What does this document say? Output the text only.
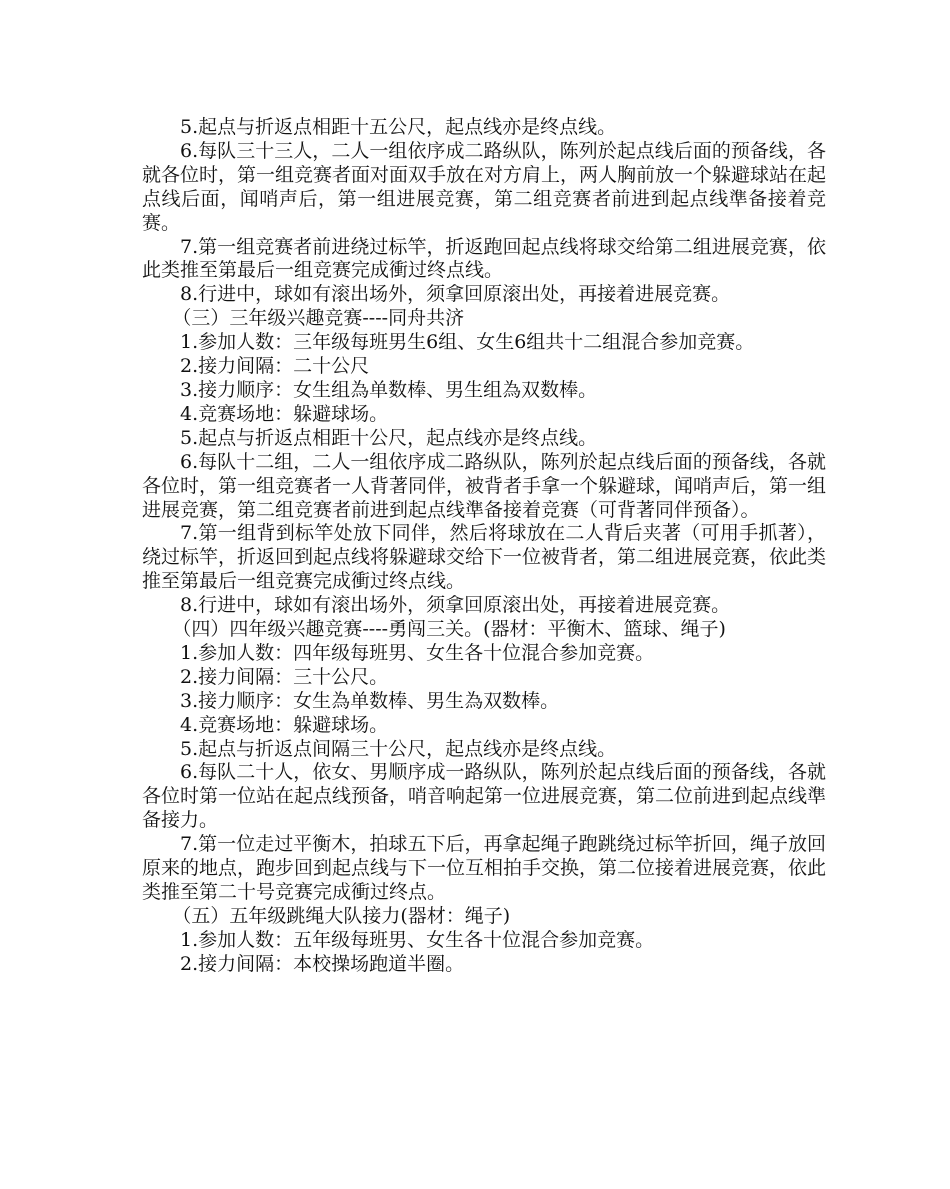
5.起点与折返点相距十五公尺，起点线亦是终点线。

6.每队三十三人，二人一组依序成二路纵队，陈列於起点线后面的预备线，各就各位时，第一组竞赛者面对面双手放在对方肩上，两人胸前放一个躲避球站在起点线后面，闻哨声后，第一组进展竞赛，第二组竞赛者前进到起点线準备接着竞赛。

7.第一组竞赛者前进绕过标竿，折返跑回起点线将球交给第二组进展竞赛，依此类推至第最后一组竞赛完成衝过终点线。

8.行进中，球如有滚出场外，须拿回原滚出处，再接着进展竞赛。

（三）三年级兴趣竞赛----同舟共济

1.参加人数：三年级每班男生6组、女生6组共十二组混合参加竞赛。

2.接力间隔：二十公尺

3.接力顺序：女生组為单数棒、男生组為双数棒。

4.竞赛场地：躲避球场。

5.起点与折返点相距十公尺，起点线亦是终点线。

6.每队十二组，二人一组依序成二路纵队，陈列於起点线后面的预备线，各就各位时，第一组竞赛者一人背著同伴，被背者手拿一个躲避球，闻哨声后，第一组进展竞赛，第二组竞赛者前进到起点线準备接着竞赛（可背著同伴预备）。

7.第一组背到标竿处放下同伴，然后将球放在二人背后夹著（可用手抓著），绕过标竿，折返回到起点线将躲避球交给下一位被背者，第二组进展竞赛，依此类推至第最后一组竞赛完成衝过终点线。

8.行进中，球如有滚出场外，须拿回原滚出处，再接着进展竞赛。

（四）四年级兴趣竞赛----勇闯三关。(器材：平衡木、篮球、绳子)

1.参加人数：四年级每班男、女生各十位混合参加竞赛。

2.接力间隔：三十公尺。

3.接力顺序：女生為单数棒、男生為双数棒。

4.竞赛场地：躲避球场。

5.起点与折返点间隔三十公尺，起点线亦是终点线。

6.每队二十人，依女、男顺序成一路纵队，陈列於起点线后面的预备线，各就各位时第一位站在起点线预备，哨音响起第一位进展竞赛，第二位前进到起点线準备接力。

7.第一位走过平衡木，拍球五下后，再拿起绳子跑跳绕过标竿折回，绳子放回原来的地点，跑步回到起点线与下一位互相拍手交换，第二位接着进展竞赛，依此类推至第二十号竞赛完成衝过终点。

（五）五年级跳绳大队接力(器材：绳子)

1.参加人数：五年级每班男、女生各十位混合参加竞赛。

2.接力间隔：本校操场跑道半圈。
